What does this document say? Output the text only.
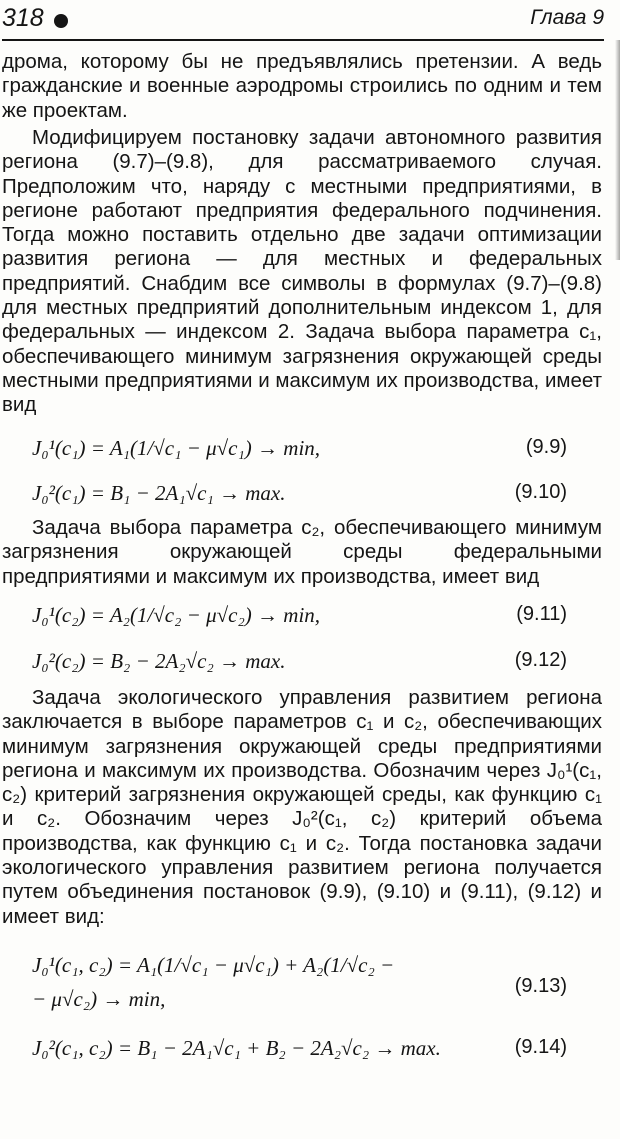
318	Глава 9

дромa, которому бы не предъявлялись претензии. А ведь гражданские и военные аэродромы строились по одним и тем же проектам.

Модифицируем постановку задачи автономного развития региона (9.7)–(9.8), для рассматриваемого случая. Предположим что, наряду с местными предприятиями, в регионе работают предприятия федерального подчинения. Тогда можно поставить отдельно две задачи оптимизации развития региона — для местных и федеральных предприятий. Снабдим все символы в формулах (9.7)–(9.8) для местных предприятий дополнительным индексом 1, для федеральных — индексом 2. Задача выбора параметра c₁, обеспечивающего минимум загрязнения окружающей среды местными предприятиями и максимум их производства, имеет вид

J₀¹(c₁) = A₁(1/√c₁ − μ√c₁) → min,	(9.9)
J₀²(c₁) = B₁ − 2A₁√c₁ → max.	(9.10)

Задача выбора параметра c₂, обеспечивающего минимум загрязнения окружающей среды федеральными предприятиями и максимум их производства, имеет вид

J₀¹(c₂) = A₂(1/√c₂ − μ√c₂) → min,	(9.11)
J₀²(c₂) = B₂ − 2A₂√c₂ → max.	(9.12)

Задача экологического управления развитием региона заключается в выборе параметров c₁ и c₂, обеспечивающих минимум загрязнения окружающей среды предприятиями региона и максимум их производства. Обозначим через J₀¹(c₁, c₂) критерий загрязнения окружающей среды, как функцию c₁ и c₂. Обозначим через J₀²(c₁, c₂) критерий объема производства, как функцию c₁ и c₂. Тогда постановка задачи экологического управления развитием региона получается путем объединения постановок (9.9), (9.10) и (9.11), (9.12) и имеет вид:

J₀¹(c₁, c₂) = A₁(1/√c₁ − μ√c₁) + A₂(1/√c₂ −
− μ√c₂) → min,
(9.13)
J₀²(c₁, c₂) = B₁ − 2A₁√c₁ + B₂ − 2A₂√c₂ → max.	(9.14)
